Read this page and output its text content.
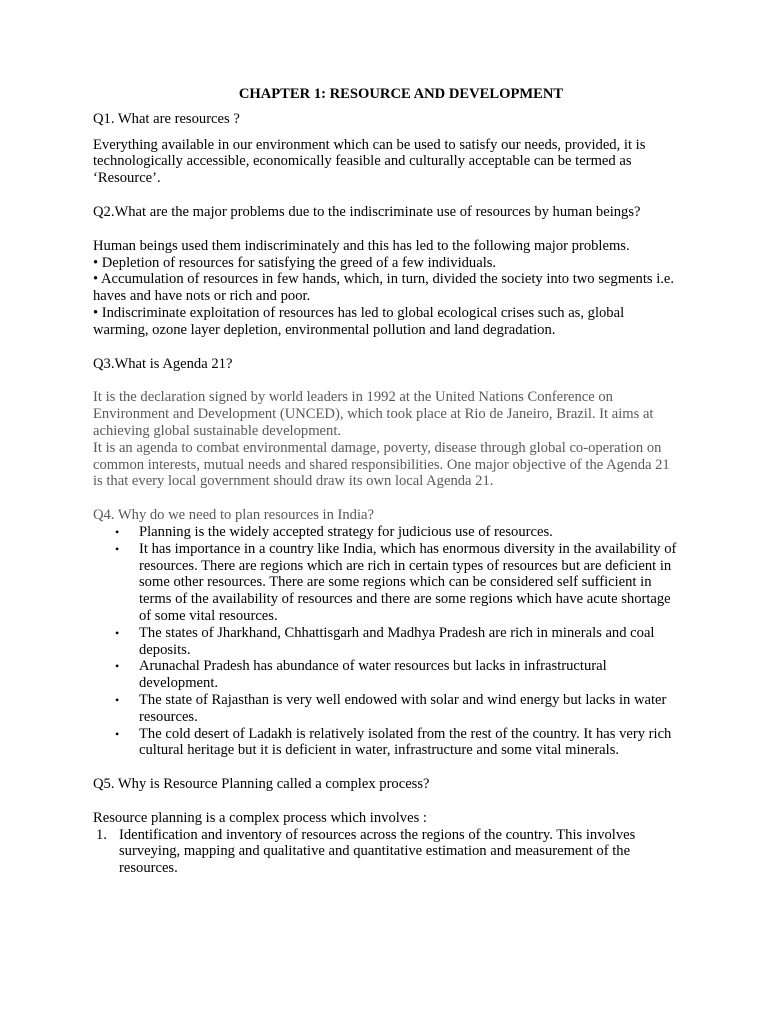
CHAPTER 1: RESOURCE AND DEVELOPMENT

Q1. What are resources ?

Everything available in our environment which can be used to satisfy our needs, provided, it is technologically accessible, economically feasible and culturally acceptable can be termed as ‘Resource’.

Q2.What are the major problems due to the indiscriminate use of resources by human beings?

Human beings used them indiscriminately and this has led to the following major problems.

• Depletion of resources for satisfying the greed of a few individuals.

• Accumulation of resources in few hands, which, in turn, divided the society into two segments i.e. haves and have nots or rich and poor.

• Indiscriminate exploitation of resources has led to global ecological crises such as, global warming, ozone layer depletion, environmental pollution and land degradation.

Q3.What is Agenda 21?

It is the declaration signed by world leaders in 1992 at the United Nations Conference on Environment and Development (UNCED), which took place at Rio de Janeiro, Brazil. It aims at achieving global sustainable development.

It is an agenda to combat environmental damage, poverty, disease through global co-operation on common interests, mutual needs and shared responsibilities. One major objective of the Agenda 21 is that every local government should draw its own local Agenda 21.

Q4. Why do we need to plan resources in India?

• Planning is the widely accepted strategy for judicious use of resources.
• It has importance in a country like India, which has enormous diversity in the availability of resources. There are regions which are rich in certain types of resources but are deficient in some other resources. There are some regions which can be considered self sufficient in terms of the availability of resources and there are some regions which have acute shortage of some vital resources.
• The states of Jharkhand, Chhattisgarh and Madhya Pradesh are rich in minerals and coal deposits.
• Arunachal Pradesh has abundance of water resources but lacks in infrastructural development.
• The state of Rajasthan is very well endowed with solar and wind energy but lacks in water resources.
• The cold desert of Ladakh is relatively isolated from the rest of the country. It has very rich cultural heritage but it is deficient in water, infrastructure and some vital minerals.

Q5. Why is Resource Planning called a complex process?

Resource planning is a complex process which involves :

1. Identification and inventory of resources across the regions of the country. This involves surveying, mapping and qualitative and quantitative estimation and measurement of the resources.
